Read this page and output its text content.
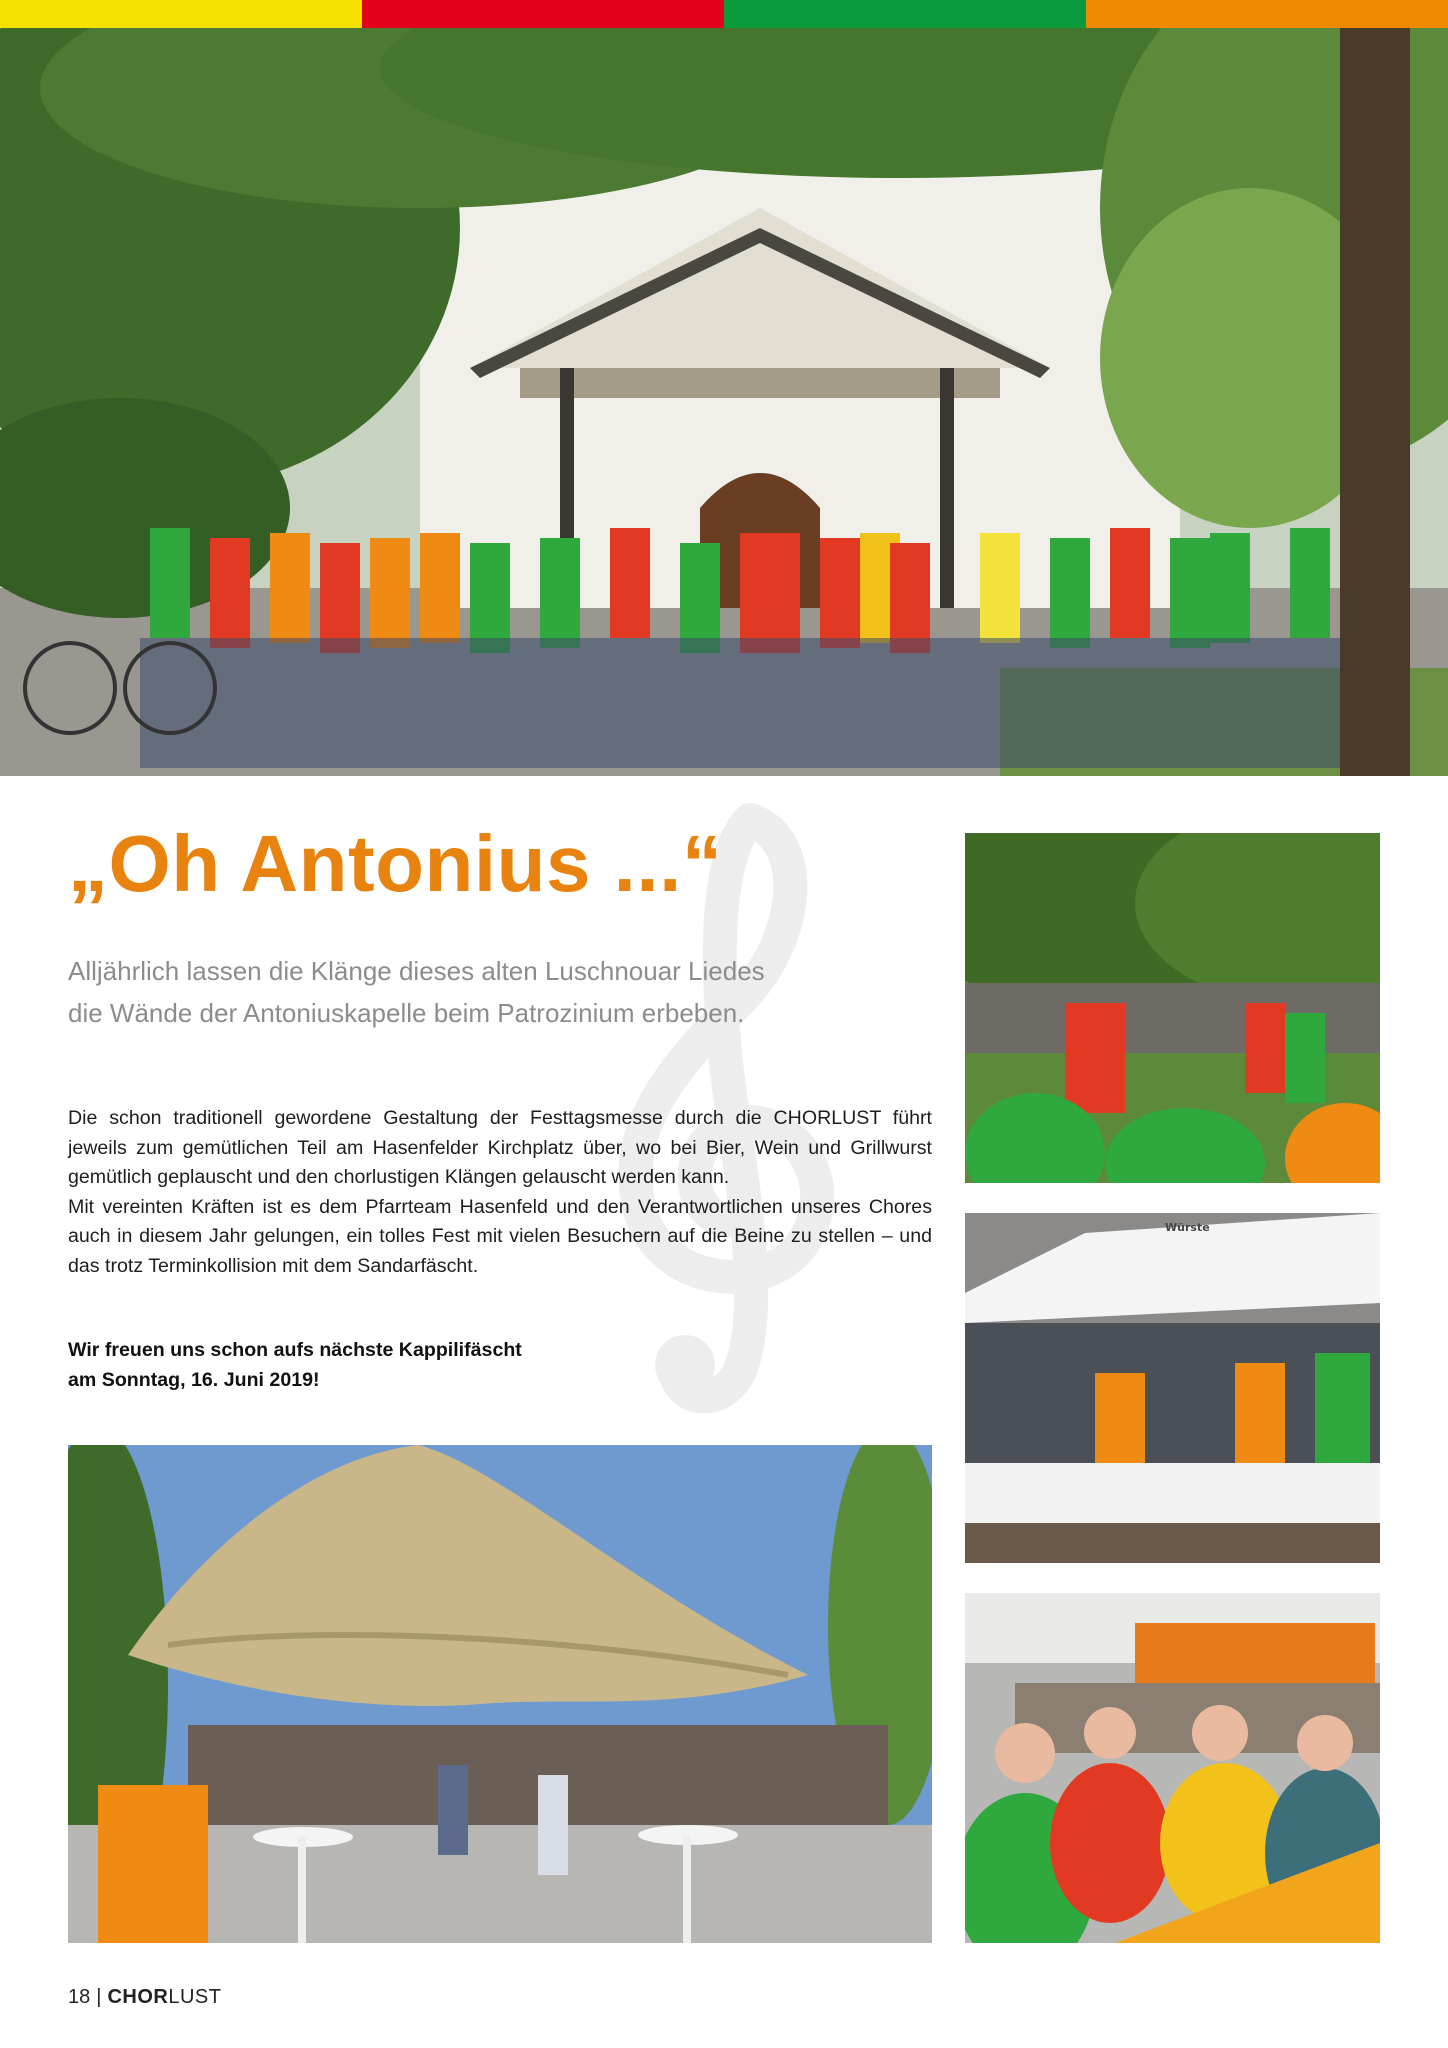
„Oh Antonius ...“
Alljährlich lassen die Klänge dieses alten Luschnouar Liedes
die Wände der Antoniuskapelle beim Patrozinium erbeben.

Die schon traditionell gewordene Gestaltung der Festtagsmesse durch die CHORLUST führt jeweils zum gemütlichen Teil am Hasenfelder Kirchplatz über, wo bei Bier, Wein und Grillwurst gemütlich geplauscht und den chorlustigen Klängen gelauscht werden kann.

Mit vereinten Kräften ist es dem Pfarrteam Hasenfeld und den Verantwortlichen unseres Chores auch in diesem Jahr gelungen, ein tolles Fest mit vielen Besuchern auf die Beine zu stellen – und das trotz Terminkollision mit dem Sandarfäscht.

Wir freuen uns schon aufs nächste Kappilifäscht
am Sonntag, 16. Juni 2019!
Würste
18 | CHORLUST
